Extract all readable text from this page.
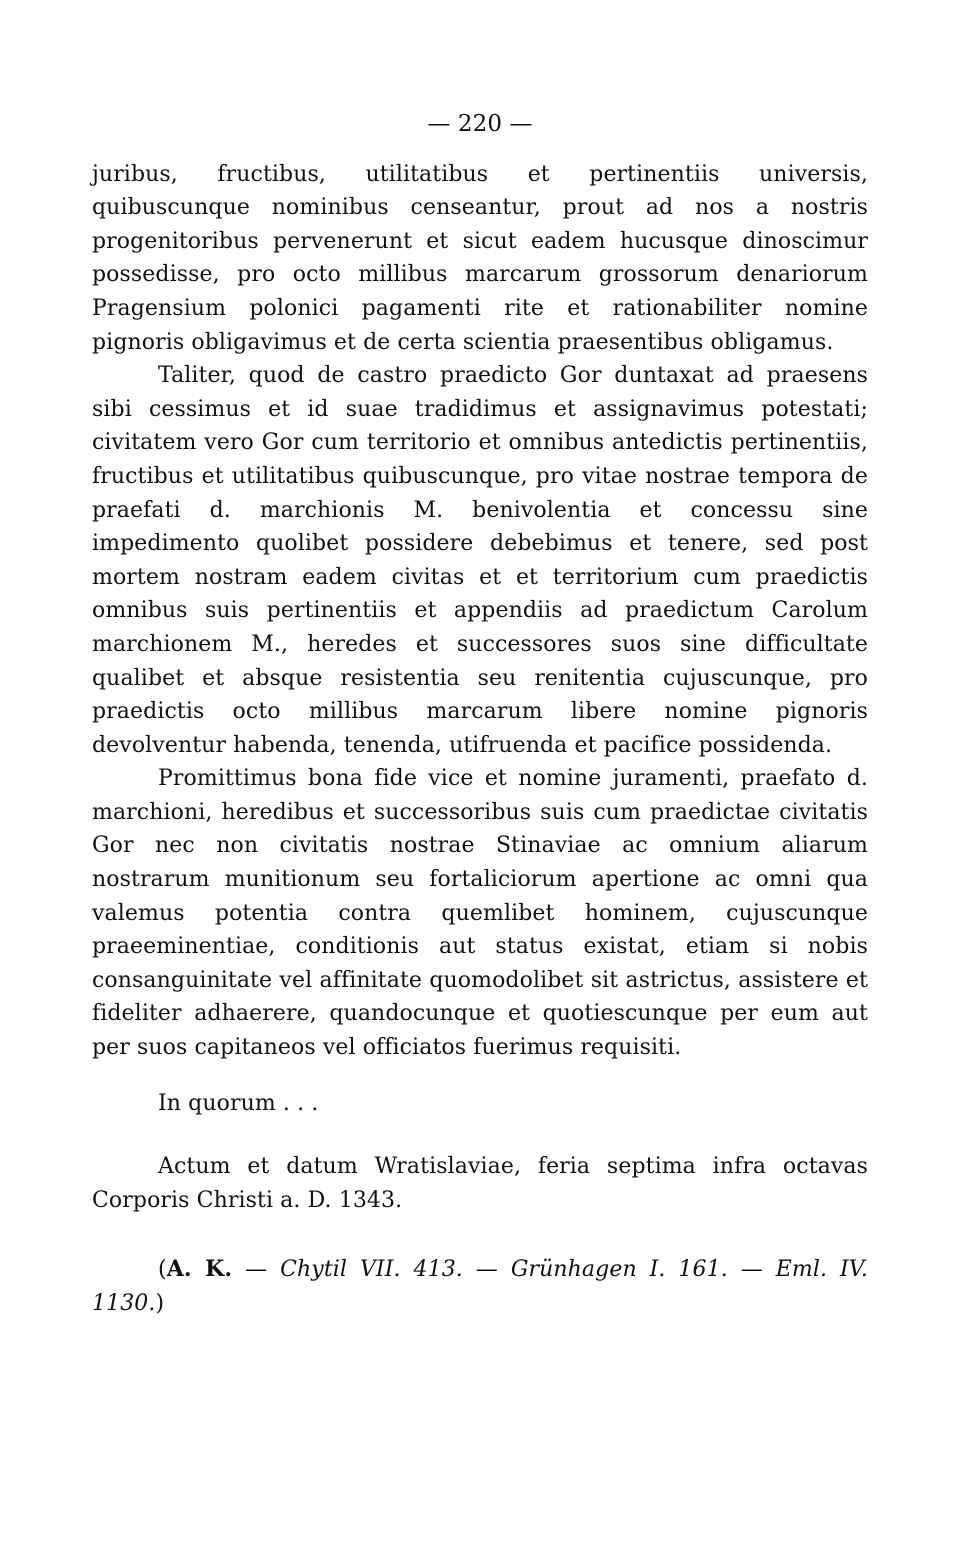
— 220 —

juribus, fructibus, utilitatibus et pertinentiis universis, quibuscunque nominibus censeantur, prout ad nos a nostris progenitoribus pervenerunt et sicut eadem hucusque dinoscimur possedisse, pro octo millibus marcarum grossorum denariorum Pragensium polonici pagamenti rite et rationabiliter nomine pignoris obligavimus et de certa scientia praesentibus obligamus.

Taliter, quod de castro praedicto Gor duntaxat ad praesens sibi cessimus et id suae tradidimus et assignavimus potestati; civitatem vero Gor cum territorio et omnibus antedictis pertinentiis, fructibus et utilitatibus quibuscunque, pro vitae nostrae tempora de praefati d. marchionis M. benivolentia et concessu sine impedimento quolibet possidere debebimus et tenere, sed post mortem nostram eadem civitas et et territorium cum praedictis omnibus suis pertinentiis et appendiis ad praedictum Carolum marchionem M., heredes et successores suos sine difficultate qualibet et absque resistentia seu renitentia cujuscunque, pro praedictis octo millibus marcarum libere nomine pignoris devolventur habenda, tenenda, utifruenda et pacifice possidenda.

Promittimus bona fide vice et nomine juramenti, praefato d. marchioni, heredibus et successoribus suis cum praedictae civitatis Gor nec non civitatis nostrae Stinaviae ac omnium aliarum nostrarum munitionum seu fortaliciorum apertione ac omni qua valemus potentia contra quemlibet hominem, cujuscunque praeeminentiae, conditionis aut status existat, etiam si nobis consanguinitate vel affinitate quomodolibet sit astrictus, assistere et fideliter adhaerere, quandocunque et quotiescunque per eum aut per suos capitaneos vel officiatos fuerimus requisiti.

In quorum . . .

Actum et datum Wratislaviae, feria septima infra octavas Corporis Christi a. D. 1343.

(A. K. — Chytil VII. 413. — Grünhagen I. 161. — Eml. IV. 1130.)
